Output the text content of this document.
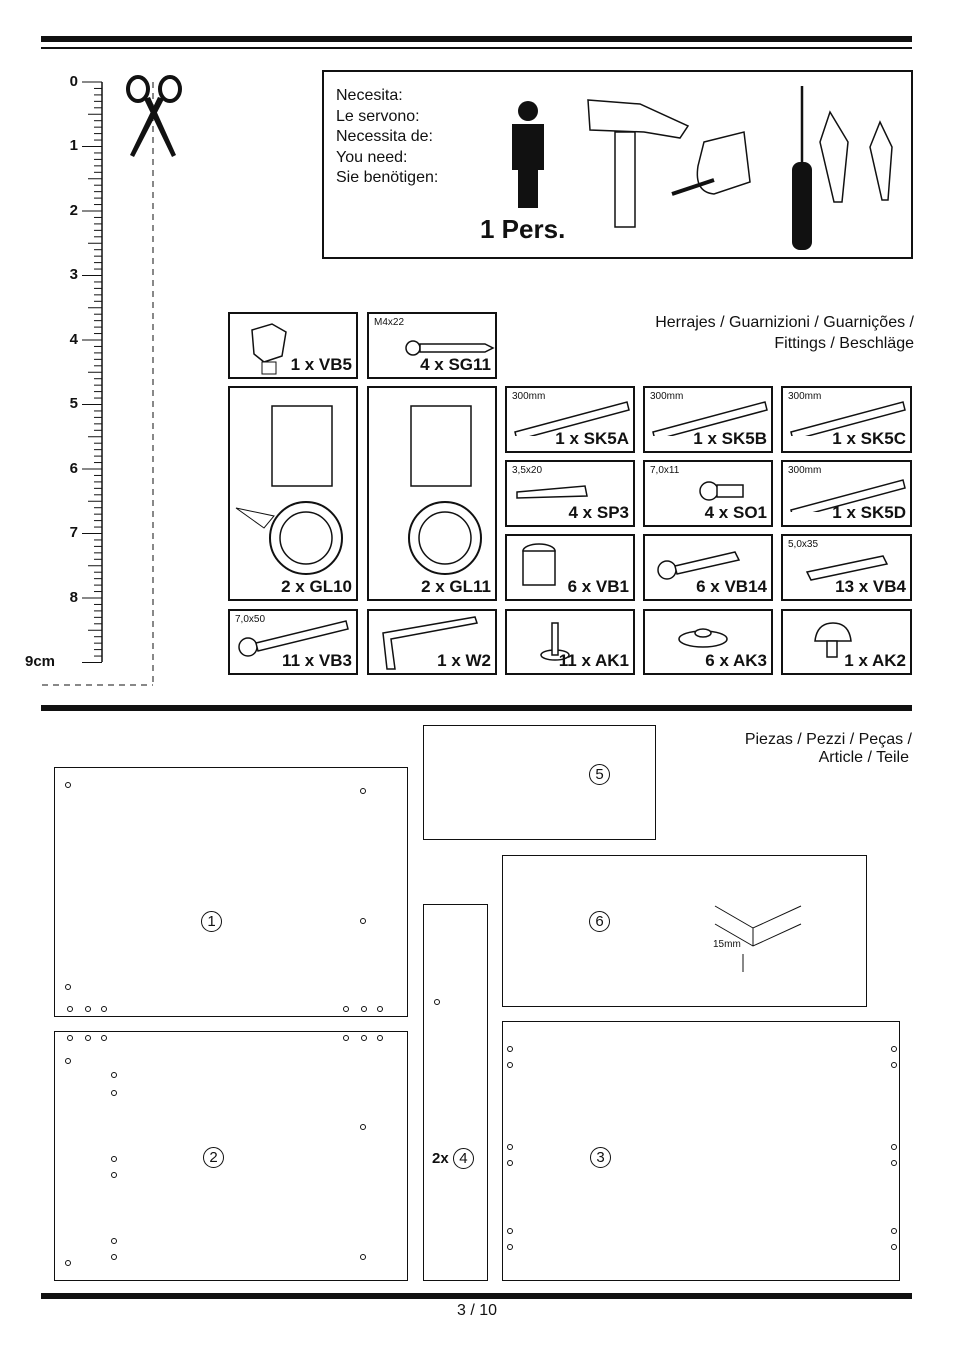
0
1
2
3
4
5
6
7
8
9cm
Necesita:
Le servono:
Necessita de:
You need:
Sie benötigen:
1 Pers.
Herrajes / Guarnizioni / Guarnições /
Fittings / Beschläge
1 x VB5
M4x22
4 x SG11
2 x GL10	2 x GL11
300mm
1 x SK5A
300mm
1 x SK5B
300mm
1 x SK5C
3,5x20
4 x SP3
7,0x11
4 x SO1
300mm
1 x SK5D
6 x VB1	6 x VB14
5,0x35
13 x VB4
7,0x50
11 x VB3	1 x W2	11 x AK1	6 x AK3	1 x AK2
Piezas / Pezzi / Peças /
Article / Teile
1
2
5
2x 4
6
15mm
3
3 / 10
